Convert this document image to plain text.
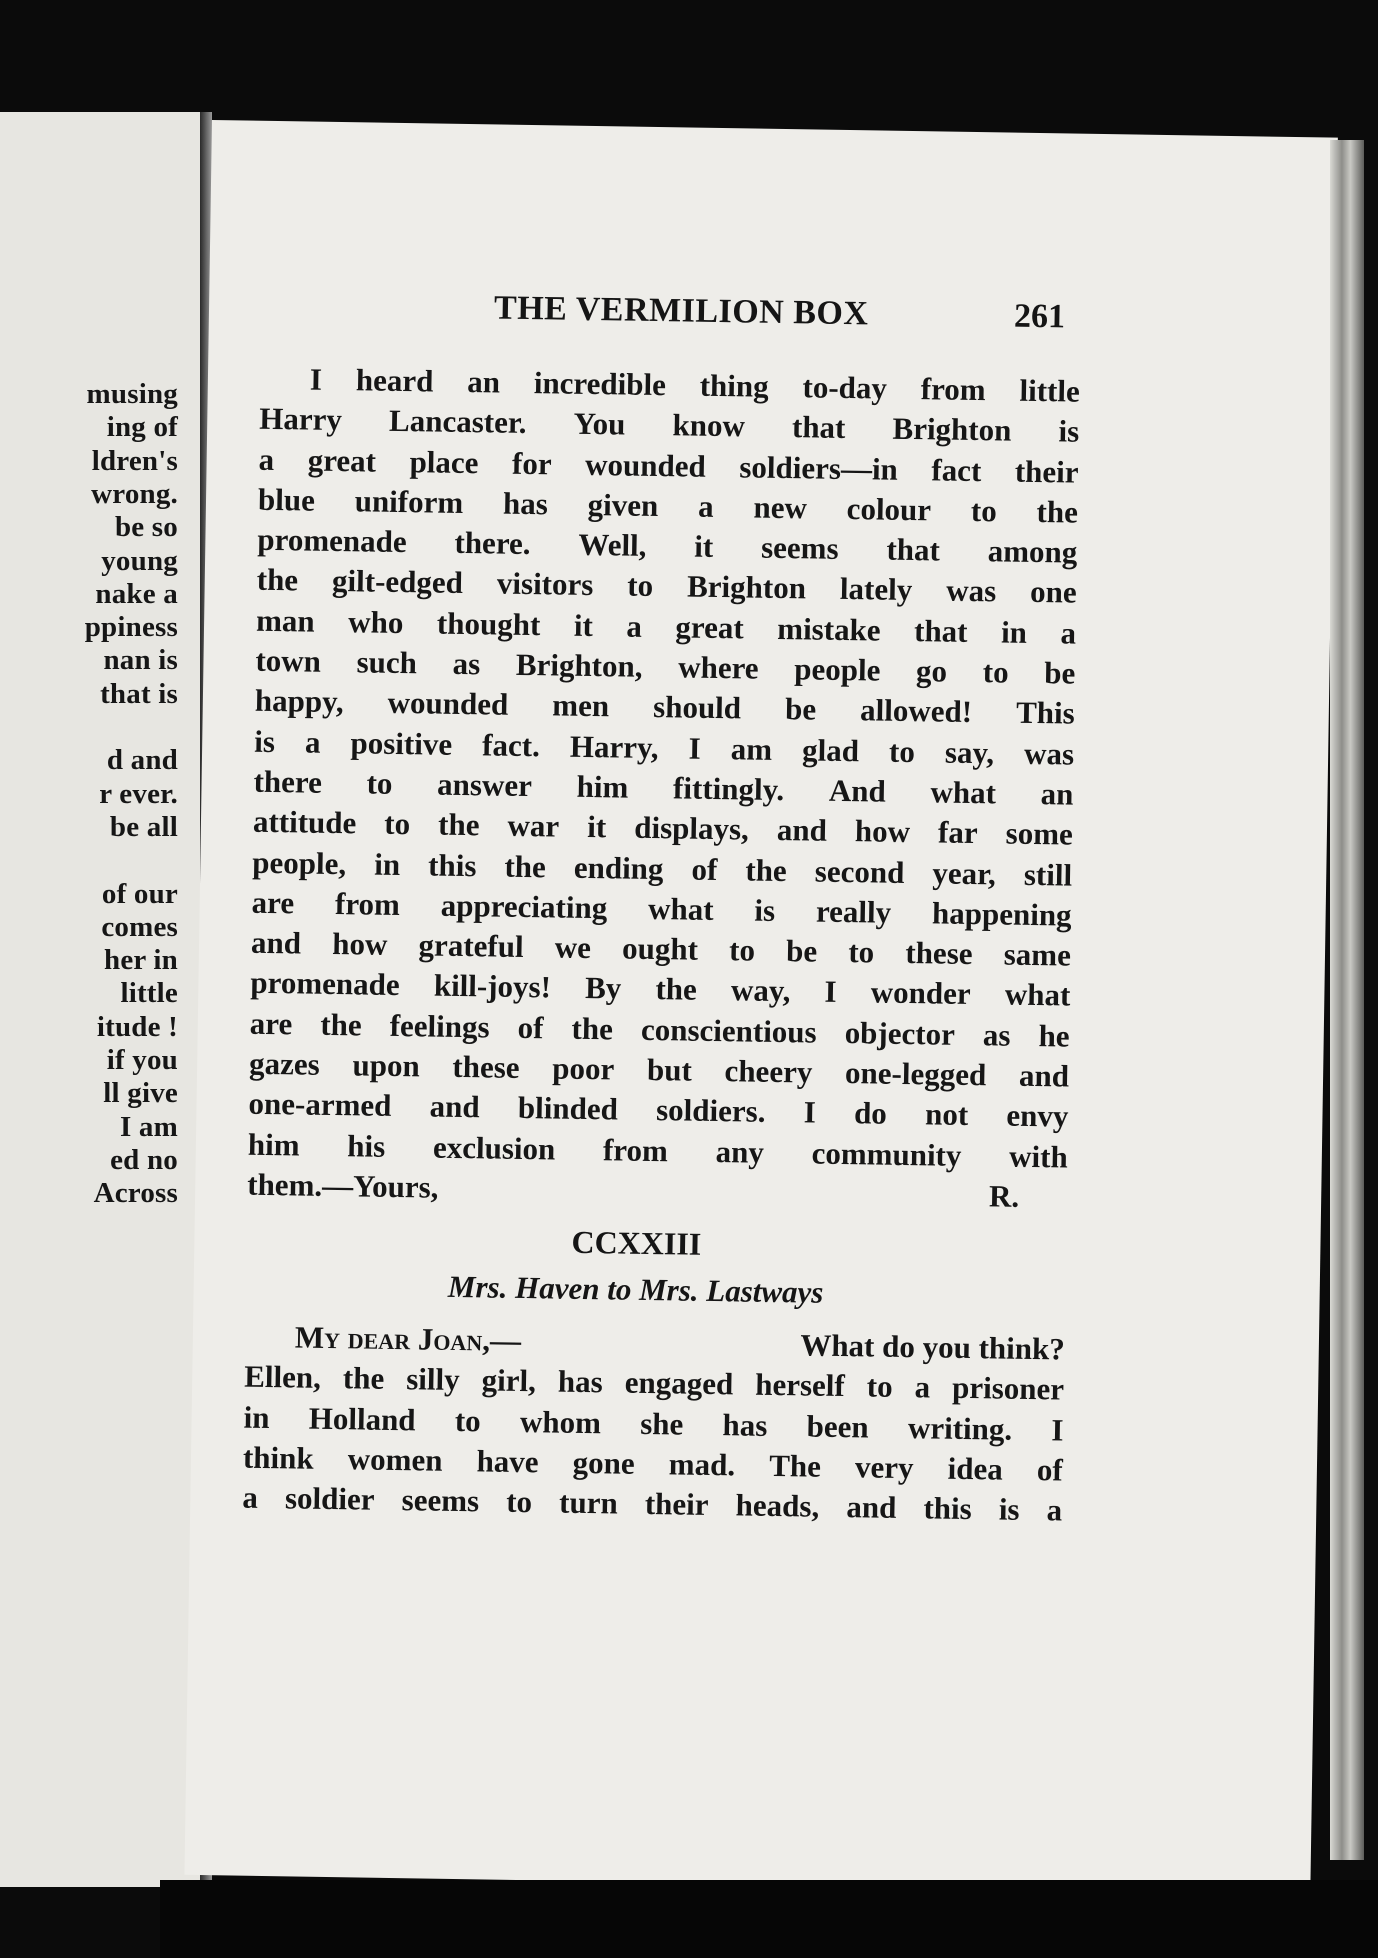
musing
ing of
ldren's
wrong.
be so
young
nake a
ppiness
nan is
that is
d and
r ever.
be all
of our
comes
her in
little
itude !
if you
ll give
I am
ed no
Across
THE VERMILION BOX	261
I heard an incredible thing to-day from little
Harry Lancaster. You know that Brighton is
a great place for wounded soldiers—in fact their
blue uniform has given a new colour to the
promenade there. Well, it seems that among
the gilt-edged visitors to Brighton lately was one
man who thought it a great mistake that in a
town such as Brighton, where people go to be
happy, wounded men should be allowed! This
is a positive fact. Harry, I am glad to say, was
there to answer him fittingly. And what an
attitude to the war it displays, and how far some
people, in this the ending of the second year, still
are from appreciating what is really happening
and how grateful we ought to be to these same
promenade kill-joys! By the way, I wonder what
are the feelings of the conscientious objector as he
gazes upon these poor but cheery one-legged and
one-armed and blinded soldiers. I do not envy
him his exclusion from any community with
them.—Yours,	R.
CCXXIII
Mrs. Haven to Mrs. Lastways
My dear Joan,—	What do you think?
Ellen, the silly girl, has engaged herself to a prisoner
in Holland to whom she has been writing. I
think women have gone mad. The very idea of
a soldier seems to turn their heads, and this is a
